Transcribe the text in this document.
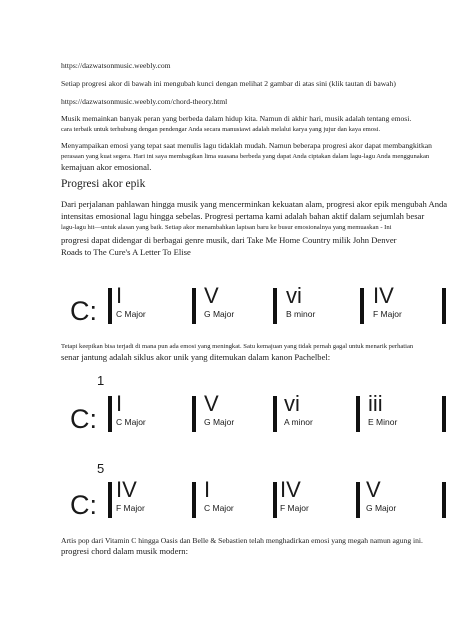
https://dazwatsonmusic.weebly.com

Setiap progresi akor di bawah ini mengubah kunci dengan melihat 2 gambar di atas sini (klik tautan di bawah)

https://dazwatsonmusic.weebly.com/chord-theory.html

Musik memainkan banyak peran yang berbeda dalam hidup kita. Namun di akhir hari, musik adalah tentang emosi.
cara terbaik untuk terhubung dengan pendengar Anda secara manusiawi adalah melalui karya yang jujur dan kaya emosi.

Menyampaikan emosi yang tepat saat menulis lagu tidaklah mudah. Namun beberapa progresi akor dapat membangkitkan
perasaan yang kuat segera. Hari ini saya membagikan lima suasana berbeda yang dapat Anda ciptakan dalam lagu-lagu Anda menggunakan
kemajuan akor emosional.

Progresi akor epik

Dari perjalanan pahlawan hingga musik yang mencerminkan kekuatan alam, progresi akor epik mengubah Anda
intensitas emosional lagu hingga sebelas. Progresi pertama kami adalah bahan aktif dalam sejumlah besar
lagu-lagu hit—untuk alasan yang baik. Setiap akor menambahkan lapisan baru ke busur emosionalnya yang memuaskan - Ini
progresi dapat didengar di berbagai genre musik, dari Take Me Home Country milik John Denver
Roads to The Cure's A Letter To Elise

C:
I
C Major
V
G Major
vi
B minor
IV
F Major

Tetapi keepikan bisa terjadi di mana pun ada emosi yang meningkat. Satu kemajuan yang tidak pernah gagal untuk menarik perhatian
senar jantung adalah siklus akor unik yang ditemukan dalam kanon Pachelbel:

1
C:
I
C Major
V
G Major
vi
A minor
iii
E Minor
5
C:
IV
F Major
I
C Major
IV
F Major
V
G Major

Artis pop dari Vitamin C hingga Oasis dan Belle & Sebastien telah menghadirkan emosi yang megah namun agung ini.
progresi chord dalam musik modern:
